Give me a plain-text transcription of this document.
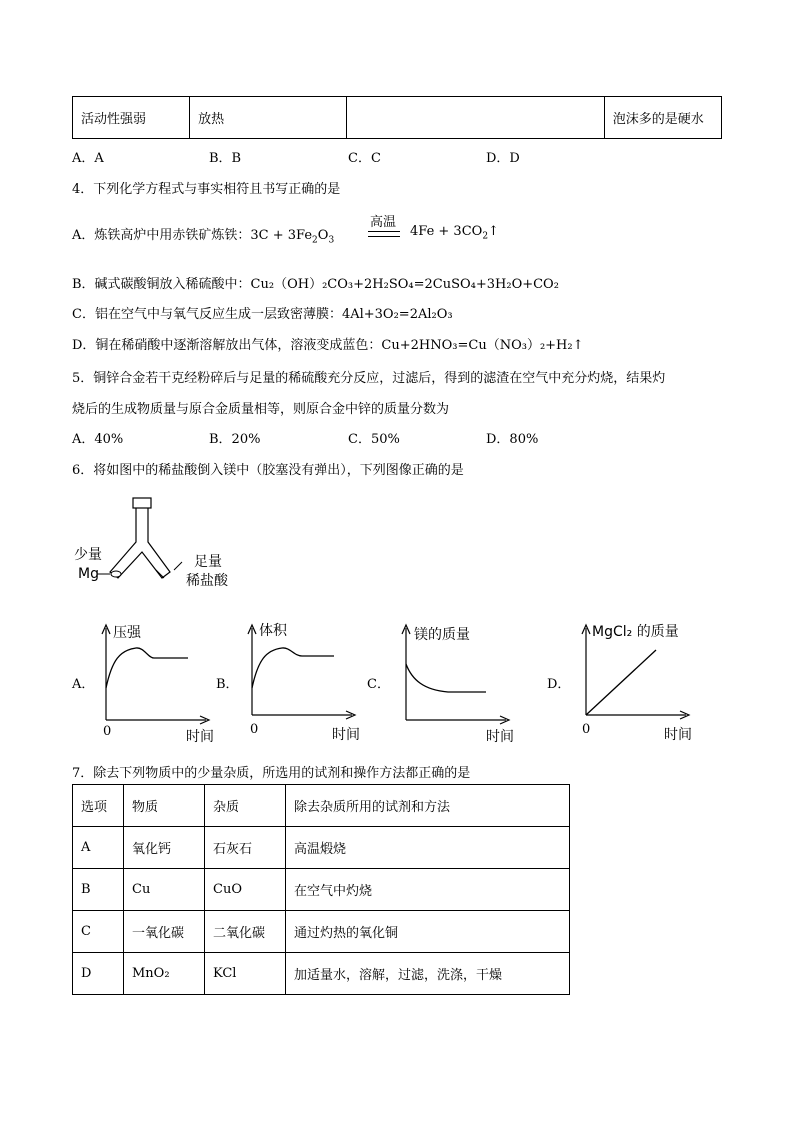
活动性强弱	放热		泡沫多的是硬水
A．A	B．B	C．C	D．D
4．下列化学方程式与事实相符且书写正确的是
A．炼铁高炉中用赤铁矿炼铁：$3C + 3Fe_2O_3$
高温
$4Fe + 3CO_2↑$
B．碱式碳酸铜放入稀硫酸中：Cu₂（OH）₂CO₃+2H₂SO₄=2CuSO₄+3H₂O+CO₂
C．铝在空气中与氧气反应生成一层致密薄膜：4Al+3O₂=2Al₂O₃
D．铜在稀硝酸中逐渐溶解放出气体，溶液变成蓝色：Cu+2HNO₃=Cu（NO₃）₂+H₂↑
5．铜锌合金若干克经粉碎后与足量的稀硫酸充分反应，过滤后，得到的滤渣在空气中充分灼烧，结果灼
烧后的生成物质量与原合金质量相等，则原合金中锌的质量分数为
A．40%	B．20%	C．50%	D．80%
6．将如图中的稀盐酸倒入镁中（胶塞没有弹出），下列图像正确的是
少量
Mg
足量
稀盐酸
A．
压强
0	时间
B．
体积
0	时间
C．
镁的质量
时间
D．
MgCl₂ 的质量
0	时间
7．除去下列物质中的少量杂质，所选用的试剂和操作方法都正确的是
选项	物质	杂质	除去杂质所用的试剂和方法
A	氧化钙	石灰石	高温煅烧
B	Cu	CuO	在空气中灼烧
C	一氧化碳	二氧化碳	通过灼热的氧化铜
D	MnO₂	KCl	加适量水，溶解，过滤，洗涤，干燥
